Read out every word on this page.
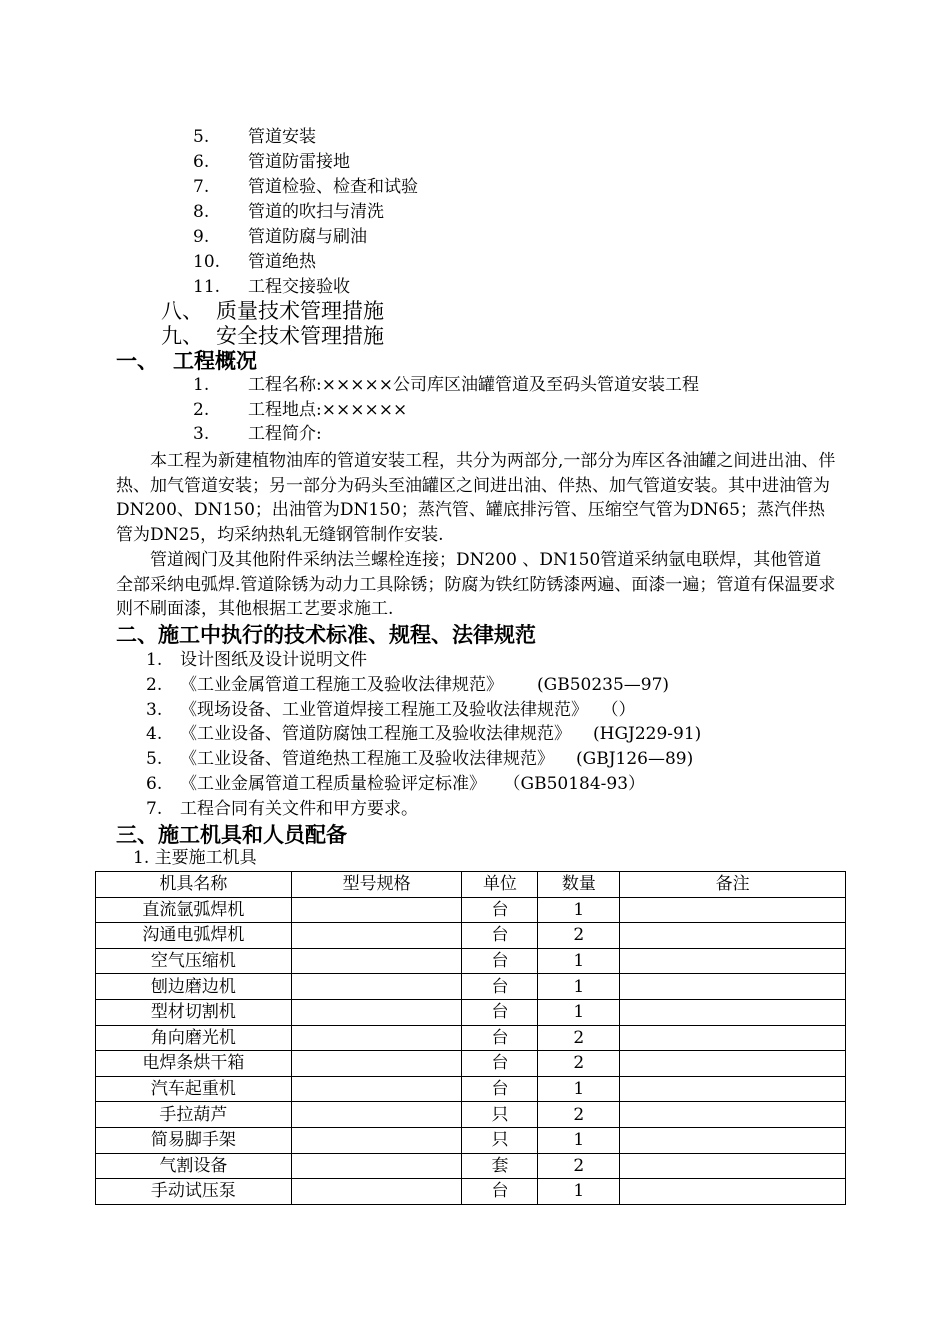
5. 管道安装
6. 管道防雷接地
7. 管道检验、检查和试验
8. 管道的吹扫与清洗
9. 管道防腐与刷油
10. 管道绝热
11. 工程交接验收
八、 质量技术管理措施
九、 安全技术管理措施
一、 工程概况
1. 工程名称:×××××公司库区油罐管道及至码头管道安装工程
2. 工程地点:××××××
3. 工程简介:
本工程为新建植物油库的管道安装工程，共分为两部分,一部分为库区各油罐之间进出油、伴热、加气管道安装；另一部分为码头至油罐区之间进出油、伴热、加气管道安装。其中进油管为DN200、DN150；出油管为DN150；蒸汽管、罐底排污管、压缩空气管为DN65；蒸汽伴热管为DN25，均采纳热轧无缝钢管制作安装.
管道阀门及其他附件采纳法兰螺栓连接；DN200 、DN150管道采纳氩电联焊，其他管道全部采纳电弧焊.管道除锈为动力工具除锈；防腐为铁红防锈漆两遍、面漆一遍；管道有保温要求则不刷面漆，其他根据工艺要求施工.
二、施工中执行的技术标准、规程、法律规范
1. 设计图纸及设计说明文件
2. 《工业金属管道工程施工及验收法律规范》 (GB50235—97)
3. 《现场设备、工业管道焊接工程施工及验收法律规范》 （）
4. 《工业设备、管道防腐蚀工程施工及验收法律规范》 (HGJ229-91)
5. 《工业设备、管道绝热工程施工及验收法律规范》 (GBJ126—89)
6. 《工业金属管道工程质量检验评定标准》 （GB50184-93）
7. 工程合同有关文件和甲方要求。
三、施工机具和人员配备
1. 主要施工机具
机具名称	型号规格	单位	数量	备注
直流氩弧焊机		台	1	
沟通电弧焊机		台	2	
空气压缩机		台	1	
刨边磨边机		台	1	
型材切割机		台	1	
角向磨光机		台	2	
电焊条烘干箱		台	2	
汽车起重机		台	1	
手拉葫芦		只	2	
简易脚手架		只	1	
气割设备		套	2	
手动试压泵		台	1	
